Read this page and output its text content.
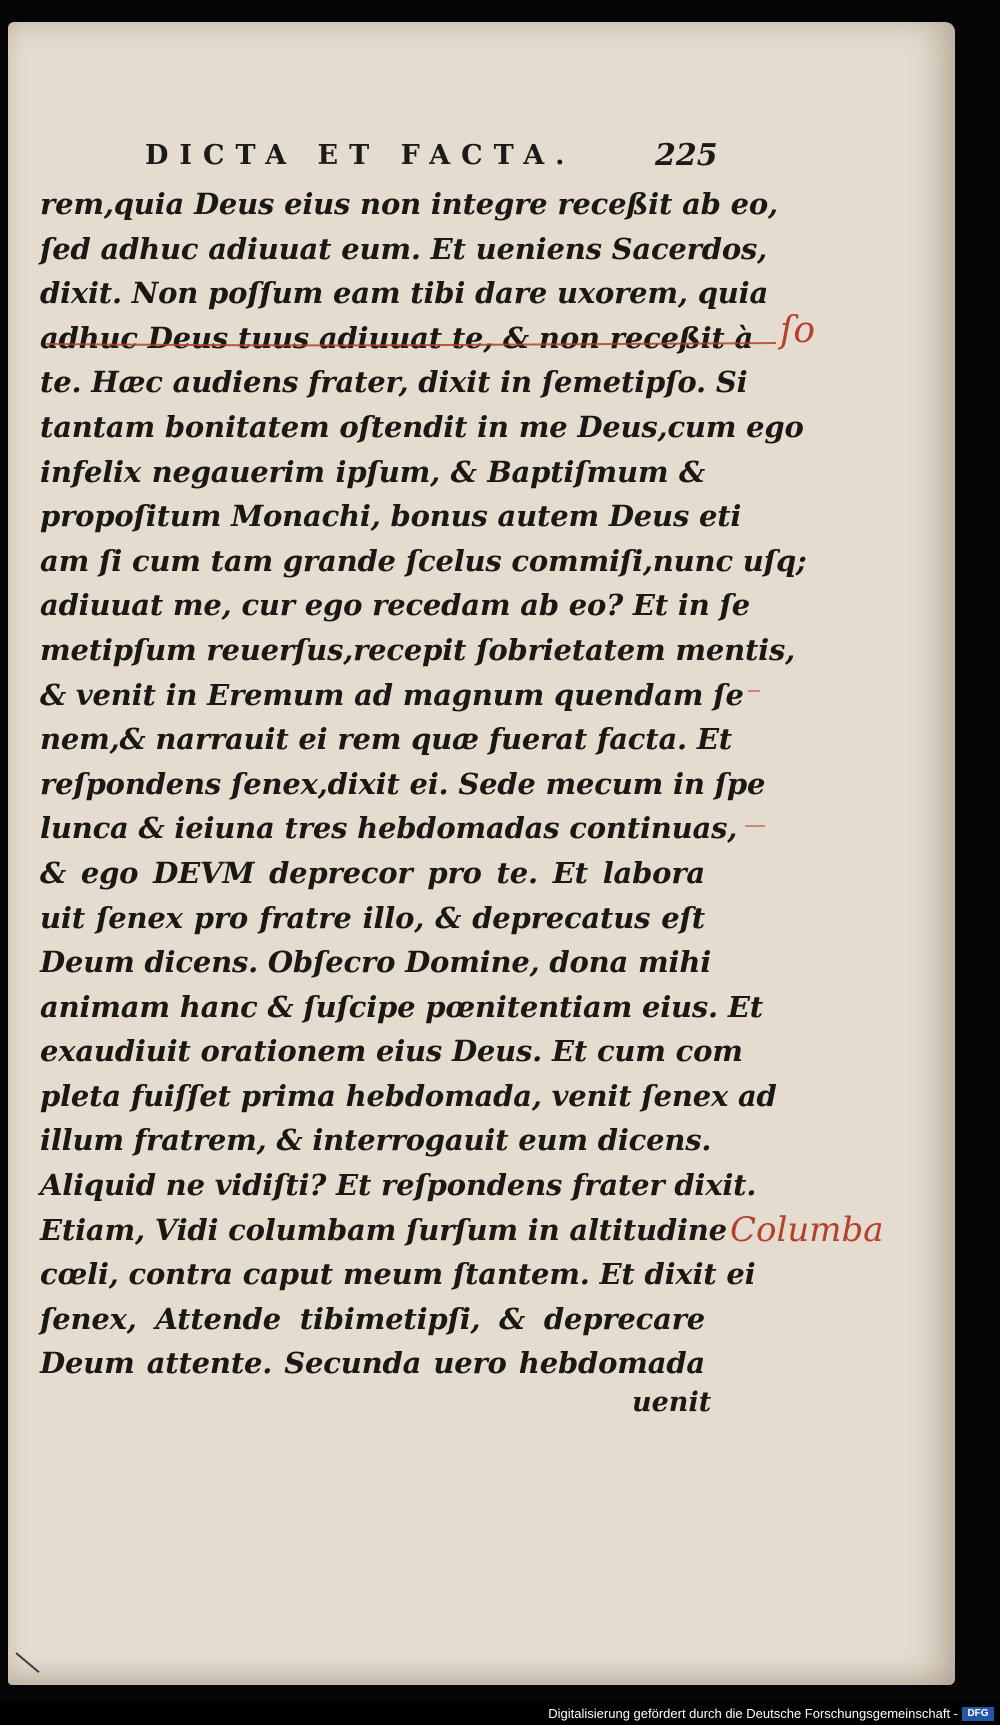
DICTA ET FACTA.	225
rem,quia Deus eius non integre receßit ab eo,
ſed adhuc adiuuat eum. Et ueniens Sacerdos,
dixit. Non poſſum eam tibi dare uxorem, quia
adhuc Deus tuus adiuuat te, & non receßit à
te. Hæc audiens frater, dixit in ſemetipſo. Si
tantam bonitatem oſtendit in me Deus,cum ego
infelix negauerim ipſum, & Baptiſmum &
propoſitum Monachi, bonus autem Deus eti
am ſi cum tam grande ſcelus commiſi,nunc uſq;
adiuuat me, cur ego recedam ab eo? Et in ſe
metipſum reuerſus,recepit ſobrietatem mentis,
& venit in Eremum ad magnum quendam ſe
nem,& narrauit ei rem quæ fuerat facta. Et
reſpondens ſenex,dixit ei. Sede mecum in ſpe
lunca & ieiuna tres hebdomadas continuas,
& ego DEVM deprecor pro te. Et labora
uit ſenex pro fratre illo, & deprecatus eſt
Deum dicens. Obſecro Domine, dona mihi
animam hanc & ſuſcipe pœnitentiam eius. Et
exaudiuit orationem eius Deus. Et cum com
pleta fuiſſet prima hebdomada, venit ſenex ad
illum fratrem, & interrogauit eum dicens.
Aliquid ne vidiſti? Et reſpondens frater dixit.
Etiam, Vidi columbam ſurſum in altitudine
cœli, contra caput meum ſtantem. Et dixit ei
ſenex, Attende tibimetipſi, & deprecare
Deum attente. Secunda uero hebdomada
uenit
ſo
Columba
Digitalisierung gefördert durch die Deutsche Forschungsgemeinschaft - DFG
